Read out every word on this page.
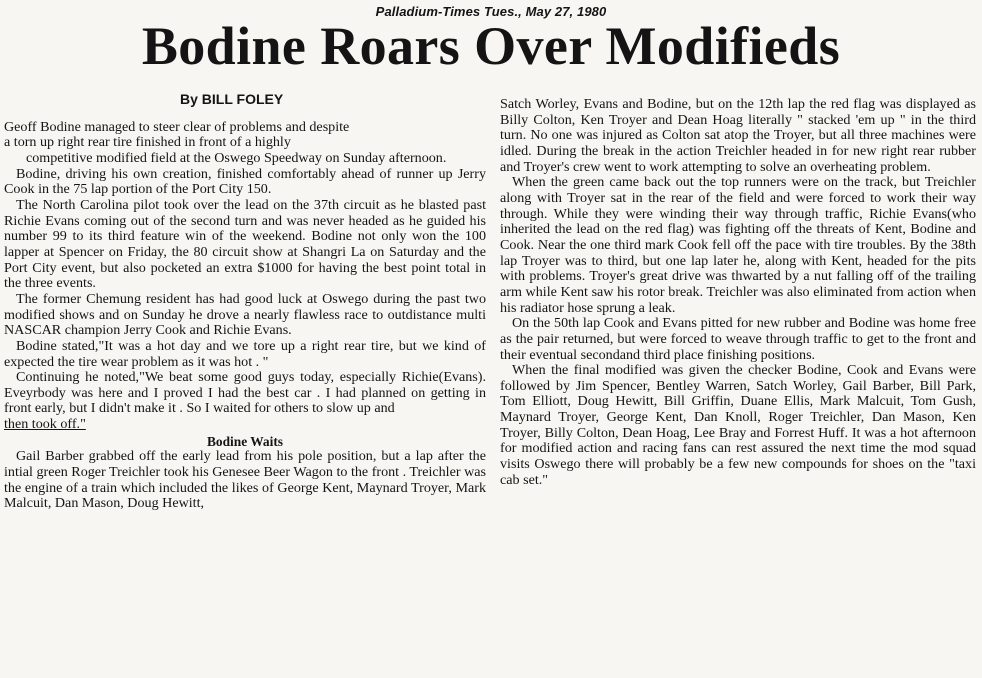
Palladium-Times Tues., May 27, 1980
Bodine Roars Over Modifieds
By BILL FOLEY

Geoff Bodine managed to steer clear of problems and despite
a torn up right rear tire finished in front of a highly
competitive modified field at the Oswego Speedway on Sunday afternoon.

Bodine, driving his own creation, finished comfortably ahead of runner up Jerry Cook in the 75 lap portion of the Port City 150.

The North Carolina pilot took over the lead on the 37th circuit as he blasted past Richie Evans coming out of the second turn and was never headed as he guided his number 99 to its third feature win of the weekend. Bodine not only won the 100 lapper at Spencer on Friday, the 80 circuit show at Shangri La on Saturday and the Port City event, but also pocketed an extra $1000 for having the best point total in the three events.

The former Chemung resident has had good luck at Oswego during the past two modified shows and on Sunday he drove a nearly flawless race to outdistance multi NASCAR champion Jerry Cook and Richie Evans.

Bodine stated,"It was a hot day and we tore up a right rear tire, but we kind of expected the tire wear problem as it was hot . "

Continuing he noted,"We beat some good guys today, especially Richie(Evans). Eveyrbody was here and I proved I had the best car . I had planned on getting in front early, but I didn't make it . So I waited for others to slow up and

then took off."

Bodine Waits

Gail Barber grabbed off the early lead from his pole position, but a lap after the intial green Roger Treichler took his Genesee Beer Wagon to the front . Treichler was the engine of a train which included the likes of George Kent, Maynard Troyer, Mark Malcuit, Dan Mason, Doug Hewitt,

Satch Worley, Evans and Bodine, but on the 12th lap the red flag was displayed as Billy Colton, Ken Troyer and Dean Hoag literally " stacked 'em up " in the third turn. No one was injured as Colton sat atop the Troyer, but all three machines were idled. During the break in the action Treichler headed in for new right rear rubber and Troyer's crew went to work attempting to solve an overheating problem.

When the green came back out the top runners were on the track, but Treichler along with Troyer sat in the rear of the field and were forced to work their way through. While they were winding their way through traffic, Richie Evans(who inherited the lead on the red flag) was fighting off the threats of Kent, Bodine and Cook. Near the one third mark Cook fell off the pace with tire troubles. By the 38th lap Troyer was to third, but one lap later he, along with Kent, headed for the pits with problems. Troyer's great drive was thwarted by a nut falling off of the trailing arm while Kent saw his rotor break. Treichler was also eliminated from action when his radiator hose sprung a leak.

On the 50th lap Cook and Evans pitted for new rubber and Bodine was home free as the pair returned, but were forced to weave through traffic to get to the front and their eventual secondand third place finishing positions.

When the final modified was given the checker Bodine, Cook and Evans were followed by Jim Spencer, Bentley Warren, Satch Worley, Gail Barber, Bill Park, Tom Elliott, Doug Hewitt, Bill Griffin, Duane Ellis, Mark Malcuit, Tom Gush, Maynard Troyer, George Kent, Dan Knoll, Roger Treichler, Dan Mason, Ken Troyer, Billy Colton, Dean Hoag, Lee Bray and Forrest Huff. It was a hot afternoon for modified action and racing fans can rest assured the next time the mod squad visits Oswego there will probably be a few new compounds for shoes on the "taxi cab set."
